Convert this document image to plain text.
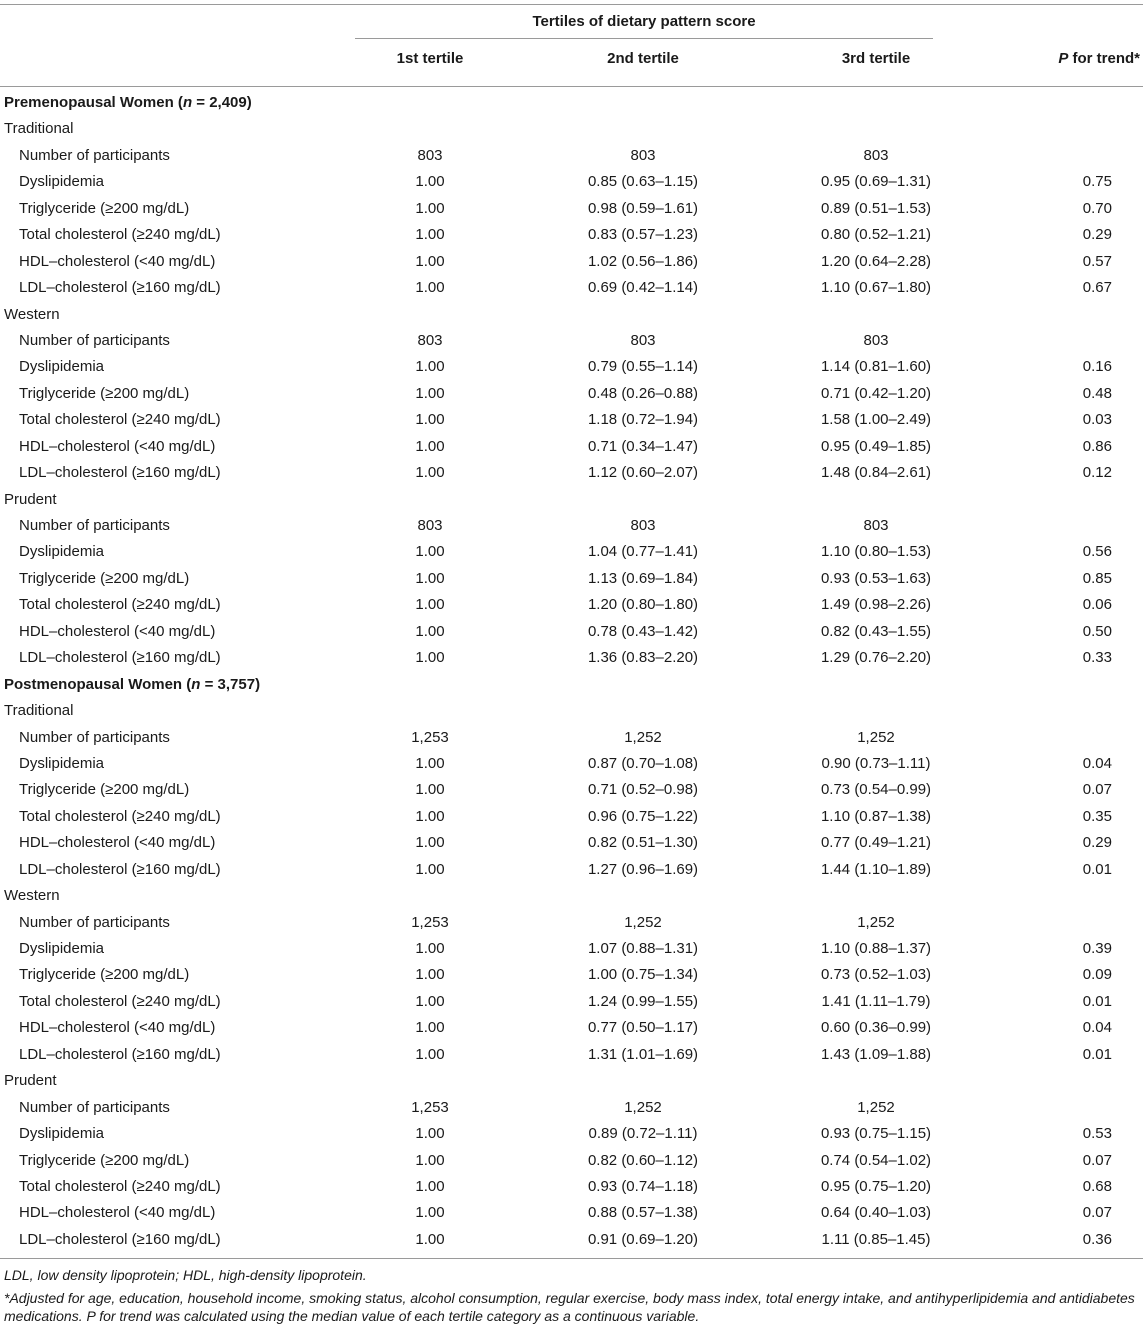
Tertiles of dietary pattern score
1st tertile	2nd tertile	3rd tertile	P for trend*
Premenopausal Women (n = 2,409)
Traditional
Number of participants	803	803	803
Dyslipidemia	1.00	0.85 (0.63–1.15)	0.95 (0.69–1.31)	0.75
Triglyceride (≥200 mg/dL)	1.00	0.98 (0.59–1.61)	0.89 (0.51–1.53)	0.70
Total cholesterol (≥240 mg/dL)	1.00	0.83 (0.57–1.23)	0.80 (0.52–1.21)	0.29
HDL–cholesterol (<40 mg/dL)	1.00	1.02 (0.56–1.86)	1.20 (0.64–2.28)	0.57
LDL–cholesterol (≥160 mg/dL)	1.00	0.69 (0.42–1.14)	1.10 (0.67–1.80)	0.67
Western
Number of participants	803	803	803
Dyslipidemia	1.00	0.79 (0.55–1.14)	1.14 (0.81–1.60)	0.16
Triglyceride (≥200 mg/dL)	1.00	0.48 (0.26–0.88)	0.71 (0.42–1.20)	0.48
Total cholesterol (≥240 mg/dL)	1.00	1.18 (0.72–1.94)	1.58 (1.00–2.49)	0.03
HDL–cholesterol (<40 mg/dL)	1.00	0.71 (0.34–1.47)	0.95 (0.49–1.85)	0.86
LDL–cholesterol (≥160 mg/dL)	1.00	1.12 (0.60–2.07)	1.48 (0.84–2.61)	0.12
Prudent
Number of participants	803	803	803
Dyslipidemia	1.00	1.04 (0.77–1.41)	1.10 (0.80–1.53)	0.56
Triglyceride (≥200 mg/dL)	1.00	1.13 (0.69–1.84)	0.93 (0.53–1.63)	0.85
Total cholesterol (≥240 mg/dL)	1.00	1.20 (0.80–1.80)	1.49 (0.98–2.26)	0.06
HDL–cholesterol (<40 mg/dL)	1.00	0.78 (0.43–1.42)	0.82 (0.43–1.55)	0.50
LDL–cholesterol (≥160 mg/dL)	1.00	1.36 (0.83–2.20)	1.29 (0.76–2.20)	0.33
Postmenopausal Women (n = 3,757)
Traditional
Number of participants	1,253	1,252	1,252
Dyslipidemia	1.00	0.87 (0.70–1.08)	0.90 (0.73–1.11)	0.04
Triglyceride (≥200 mg/dL)	1.00	0.71 (0.52–0.98)	0.73 (0.54–0.99)	0.07
Total cholesterol (≥240 mg/dL)	1.00	0.96 (0.75–1.22)	1.10 (0.87–1.38)	0.35
HDL–cholesterol (<40 mg/dL)	1.00	0.82 (0.51–1.30)	0.77 (0.49–1.21)	0.29
LDL–cholesterol (≥160 mg/dL)	1.00	1.27 (0.96–1.69)	1.44 (1.10–1.89)	0.01
Western
Number of participants	1,253	1,252	1,252
Dyslipidemia	1.00	1.07 (0.88–1.31)	1.10 (0.88–1.37)	0.39
Triglyceride (≥200 mg/dL)	1.00	1.00 (0.75–1.34)	0.73 (0.52–1.03)	0.09
Total cholesterol (≥240 mg/dL)	1.00	1.24 (0.99–1.55)	1.41 (1.11–1.79)	0.01
HDL–cholesterol (<40 mg/dL)	1.00	0.77 (0.50–1.17)	0.60 (0.36–0.99)	0.04
LDL–cholesterol (≥160 mg/dL)	1.00	1.31 (1.01–1.69)	1.43 (1.09–1.88)	0.01
Prudent
Number of participants	1,253	1,252	1,252
Dyslipidemia	1.00	0.89 (0.72–1.11)	0.93 (0.75–1.15)	0.53
Triglyceride (≥200 mg/dL)	1.00	0.82 (0.60–1.12)	0.74 (0.54–1.02)	0.07
Total cholesterol (≥240 mg/dL)	1.00	0.93 (0.74–1.18)	0.95 (0.75–1.20)	0.68
HDL–cholesterol (<40 mg/dL)	1.00	0.88 (0.57–1.38)	0.64 (0.40–1.03)	0.07
LDL–cholesterol (≥160 mg/dL)	1.00	0.91 (0.69–1.20)	1.11 (0.85–1.45)	0.36

LDL, low density lipoprotein; HDL, high-density lipoprotein.

*Adjusted for age, education, household income, smoking status, alcohol consumption, regular exercise, body mass index, total energy intake, and antihyperlipidemia and antidiabetes medications. P for trend was calculated using the median value of each tertile category as a continuous variable.
